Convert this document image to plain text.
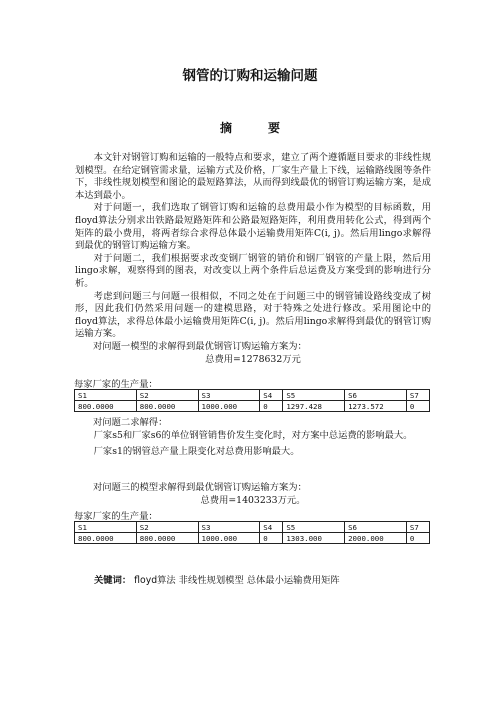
钢管的订购和运输问题
摘要

本文针对钢管订购和运输的一般特点和要求，建立了两个遵循题目要求的非线性规划模型。在给定钢管需求量，运输方式及价格，厂家生产量上下线，运输路线图等条件下，非线性规划模型和图论的最短路算法，从而得到线最优的钢管订购运输方案，是成本达到最小。

对于问题一，我们选取了钢管订购和运输的总费用最小作为模型的目标函数，用floyd算法分别求出铁路最短路矩阵和公路最短路矩阵，利用费用转化公式，得到两个矩阵的最小费用，将两者综合求得总体最小运输费用矩阵C(i, j)。然后用lingo求解得到最优的钢管订购运输方案。

对于问题二，我们根据要求改变钢厂钢管的销价和钢厂钢管的产量上限，然后用lingo求解，观察得到的图表，对改变以上两个条件后总运费及方案受到的影响进行分析。

考虑到问题三与问题一很相似，不同之处在于问题三中的钢管铺设路线变成了树形，因此我们仍然采用问题一的建模思路，对于特殊之处进行修改。采用图论中的floyd算法，求得总体最小运输费用矩阵C(i, j)。然后用lingo求解得到最优的钢管订购运输方案。

对问题一模型的求解得到最优钢管订购运输方案为：

总费用=1278632万元

每家厂家的生产量：
S1	S2	S3	S4	S5	S6	S7
800.0000	800.0000	1000.000	0	1297.428	1273.572	0

对问题二求解得：

厂家s5和厂家s6的单位钢管销售价发生变化时，对方案中总运费的影响最大。

厂家s1的钢管总产量上限变化对总费用影响最大。

对问题三的模型求解得到最优钢管订购运输方案为：

总费用=1403233万元。

每家厂家的生产量：
S1	S2	S3	S4	S5	S6	S7
800.0000	800.0000	1000.000	0	1303.000	2000.000	0
关键词： floyd算法 非线性规划模型 总体最小运输费用矩阵
